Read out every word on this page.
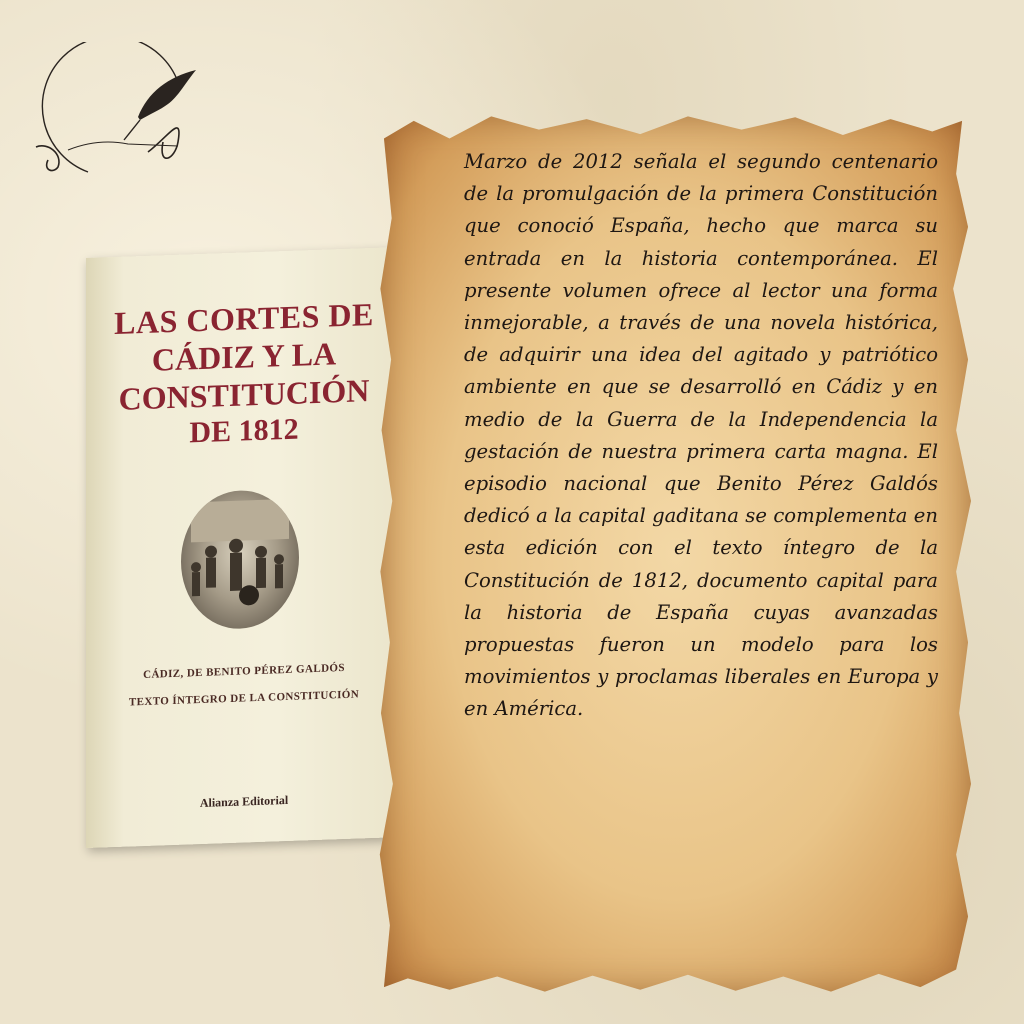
LAS CORTES DE
CÁDIZ Y LA
CONSTITUCIÓN
DE 1812
CÁDIZ, DE BENITO PÉREZ GALDÓS
TEXTO ÍNTEGRO DE LA CONSTITUCIÓN
Alianza Editorial
Marzo de 2012 señala el segundo centenario de la promulgación de la primera Constitución que conoció España, hecho que marca su entrada en la historia contemporánea. El presente volumen ofrece al lector una forma inmejorable, a través de una novela histórica, de adquirir una idea del agitado y patriótico ambiente en que se desarrolló en Cádiz y en medio de la Guerra de la Independencia la gestación de nuestra primera carta magna. El episodio nacional que Benito Pérez Galdós dedicó a la capital gaditana se complementa en esta edición con el texto íntegro de la Constitución de 1812, documento capital para la historia de España cuyas avanzadas propuestas fueron un modelo para los movimientos y proclamas liberales en Europa y en América.
